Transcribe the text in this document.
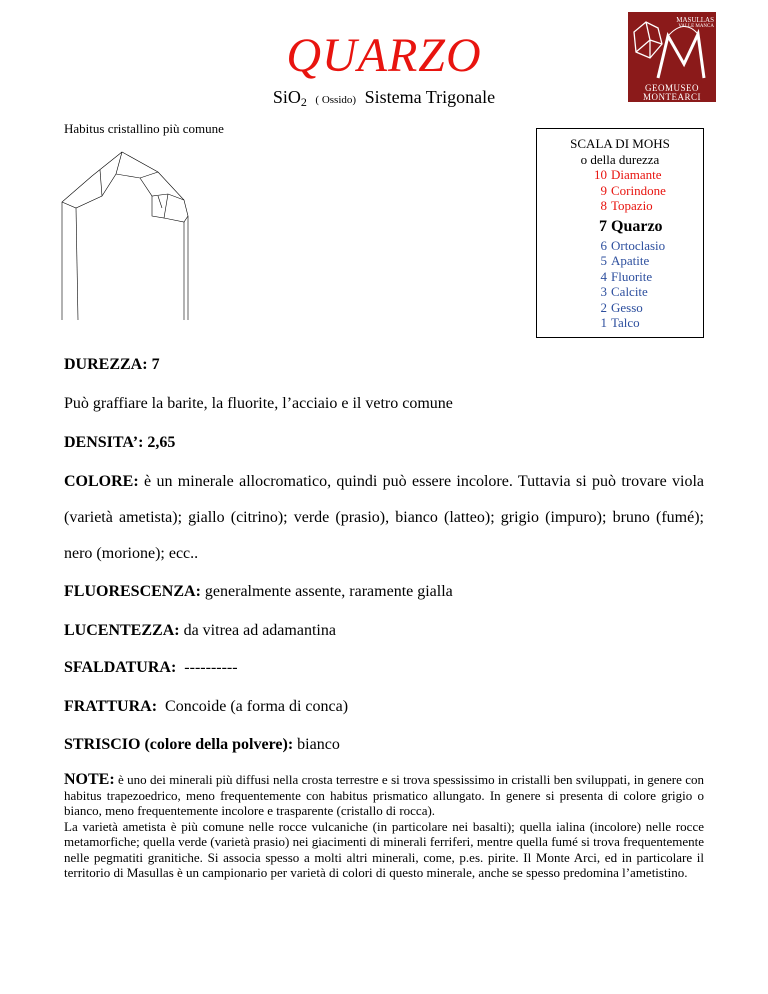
QUARZO
SiO$_2$ ( Ossido) Sistema Trigonale
MASULLAS
VALLE MANCA
GEOMUSEO
MONTEARCI
Habitus cristallino più comune
SCALA DI MOHS
o della durezza
10 Diamante
9 Corindone
8 Topazio
7 Quarzo
6 Ortoclasio
5 Apatite
4 Fluorite
3 Calcite
2 Gesso
1 Talco
DUREZZA: 7
Può graffiare la barite, la fluorite, l’acciaio e il vetro comune
DENSITA’: 2,65
COLORE: è un minerale allocromatico, quindi può essere incolore. Tuttavia si può trovare viola (varietà ametista); giallo (citrino); verde (prasio), bianco (latteo); grigio (impuro); bruno (fumé); nero (morione); ecc..
FLUORESCENZA: generalmente assente, raramente gialla
LUCENTEZZA: da vitrea ad adamantina
SFALDATURA: ----------
FRATTURA: Concoide (a forma di conca)
STRISCIO (colore della polvere): bianco
NOTE: è uno dei minerali più diffusi nella crosta terrestre e si trova spessissimo in cristalli ben sviluppati, in genere con habitus trapezoedrico, meno frequentemente con habitus prismatico allungato. In genere si presenta di colore grigio o bianco, meno frequentemente incolore e trasparente (cristallo di rocca).
La varietà ametista è più comune nelle rocce vulcaniche (in particolare nei basalti); quella ialina (incolore) nelle rocce metamorfiche; quella verde (varietà prasio) nei giacimenti di minerali ferriferi, mentre quella fumé si trova frequentemente nelle pegmatiti granitiche. Si associa spesso a molti altri minerali, come, p.es. pirite. Il Monte Arci, ed in particolare il territorio di Masullas è un campionario per varietà di colori di questo minerale, anche se spesso predomina l’ametistino.
